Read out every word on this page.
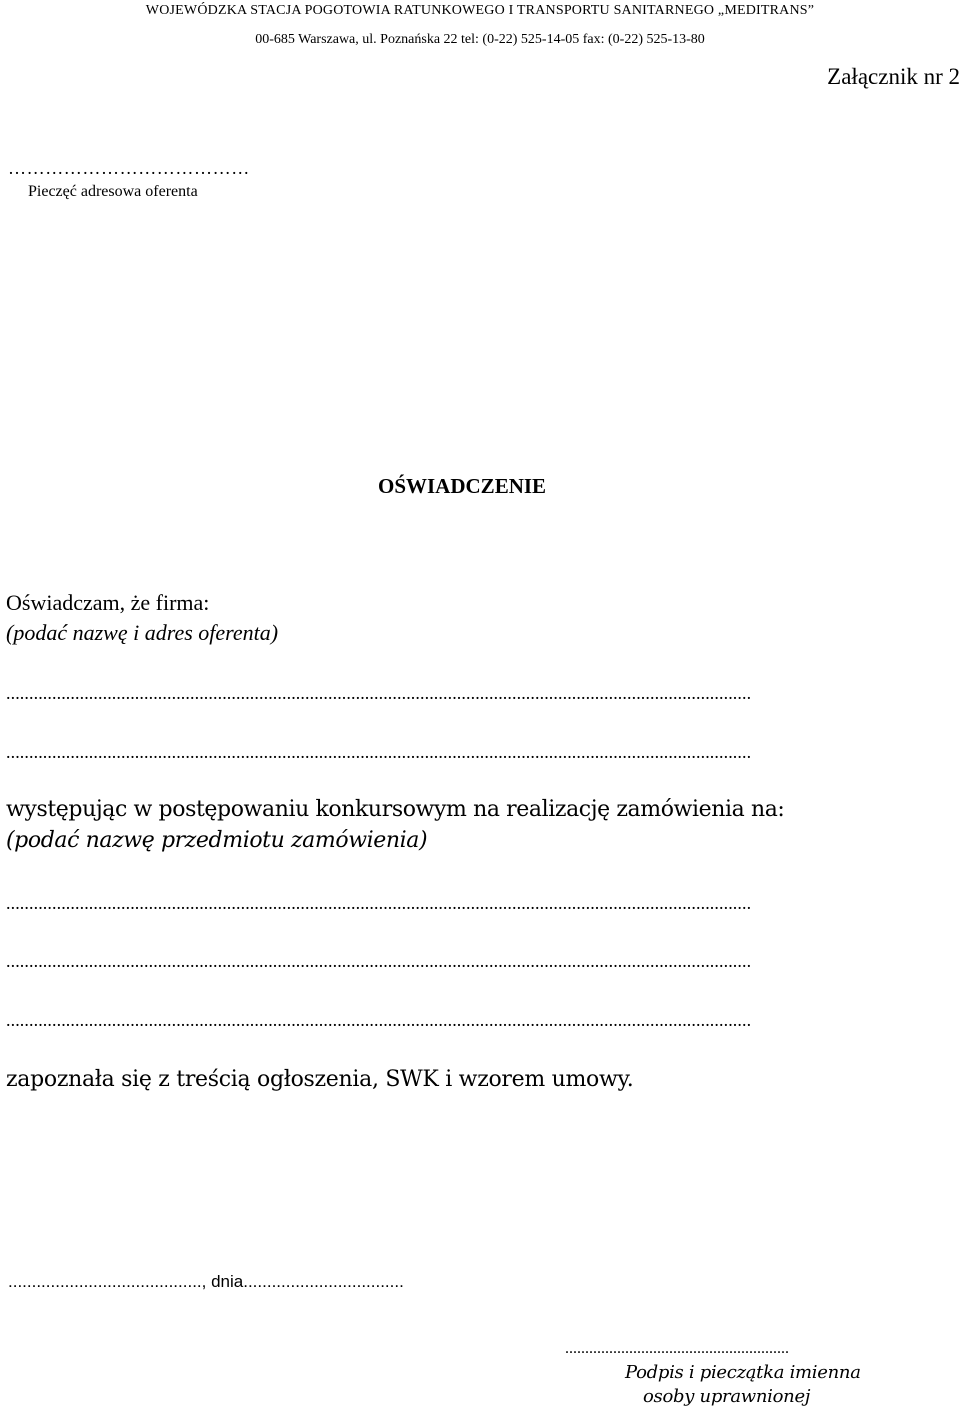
WOJEWÓDZKA STACJA POGOTOWIA RATUNKOWEGO I TRANSPORTU SANITARNEGO „MEDITRANS”

00-685 Warszawa, ul. Poznańska 22 tel: (0-22) 525-14-05 fax: (0-22) 525-13-80

Załącznik nr 2

…………………………………

Pieczęć adresowa oferenta

OŚWIADCZENIE

Oświadczam, że firma:

(podać nazwę i adres oferenta)

..................................................................................................................................................................
..................................................................................................................................................................

występując w postępowaniu konkursowym na realizację zamówienia na:

(podać nazwę przedmiotu zamówienia)

..................................................................................................................................................................
..................................................................................................................................................................
..................................................................................................................................................................

zapoznała się z treścią ogłoszenia, SWK i wzorem umowy.

........................................., dnia..................................

........................................................

Podpis i pieczątka imienna

osoby uprawnionej
